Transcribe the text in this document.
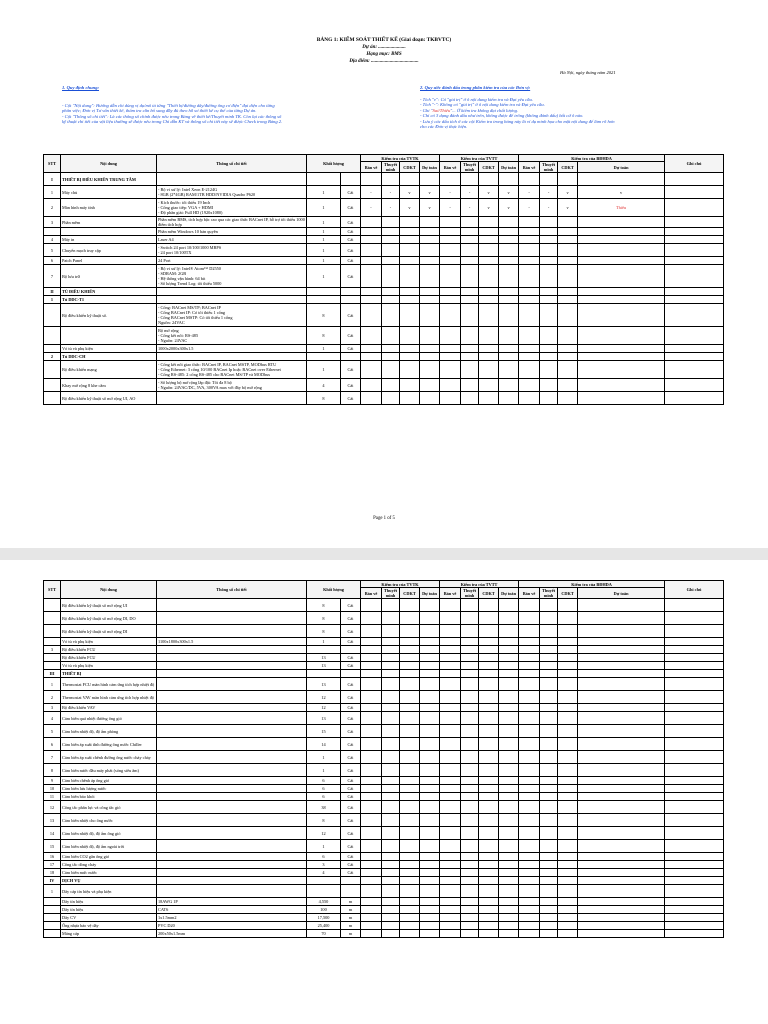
BẢNG 1: KIỂM SOÁT THIẾT KẾ (Giai đoạn: TKBVTC)
Dự án: ......................
Hạng mục: BMS
Địa điểm: ......................................
Hà Nội, ngày tháng năm 2021
1. Quy định chung:
- Cột "Nội dung": Hướng dẫn chi dùng vị dụ/mô tả từng "Thiết bị/đường dây/đường ống cơ điện" đại diện cho từng
phân việc; Đơn vị Tư vấn thiết kế, thẩm tra cần bổ sung đầy đủ theo hồ sơ thiết kế cụ thể của từng Dự án.
- Cột "Thông số chi tiết": Là các thông số chính được nêu trong Bảng vẽ thiết kế/Thuyết minh TK. Còn lại các thông số
kỹ thuật chi tiết của vật liệu thường sẽ được nêu trong Chỉ dẫn KT và thông số chi tiết này sẽ được Check trong Bảng 2.
2. Quy ước đánh dấu trong phần kiểm tra của các Đơn vị:
- Tích "v": Có "giá trị" ở ô nội dung kiểm tra và Đạt yêu cầu.
- Tích "-": Không có "giá trị" ở ô nội dung kiểm tra và Đạt yêu cầu.
- Ghi "Sai/Thiếu"... Ở kiểm tra không đạt chất lượng.
- Chỉ có 3 dạng đánh dấu như trên, không được để trống (không đánh dấu) bất cứ ô nào.
- Lưu ý các dấu tích ở các cột Kiểm tra trong bảng này là ví dụ minh họa cho mặt nội dung để làm rõ hơn
cho các Đơn vị thực hiện.
STT	Nội dung	Thông số chi tiết	Khối lượng		Kiểm tra của TVTK				Kiểm tra của TVTT				Kiểm tra của BĐHDA				Ghi chú
					Bản vẽ	Thuyết minh	CDKT	Dự toán	Bản vẽ	Thuyết minh	CDKT	Dự toán	Bản vẽ	Thuyết minh	CDKT	Dự toán	
I	THIẾT BỊ ĐIỀU KHIỂN TRUNG TÂM																
1	Máy chủ	- Bộ vi xử lý: Intel Xeon E-2124G
- 8GB (2*4GB) RAM/1TB HDD/NVIDIA Quadro P620	1	Cái	-	-	v	v	-	-	v	v	-	-	v	v	
2	Màn hình máy tính	- Kích thước: tối thiểu 19 Inch
- Cổng giao tiếp: VGA + HDMI
- Độ phân giải: Full HD (1920x1080)	1	Cái	-	-	v	v	-	-	v	v	-	-	v	Thiếu	
3	Phần mềm	Phần mềm BMS, tích hợp bậc cao qua các giao thức BACnet IP, hỗ trợ tối thiểu 1000 điểm tích hợp	1	Cái													
		Phần mềm Windows 10 bản quyền	1	Cái													
4	Máy in	Laser A4	1	Cái													
5	Chuyển mạch truy cập	- Switch 24 port 10/100/1000 MBPS
- 24 port 10/100TX	1	Cái													
6	Patch Panel	24 Port	1	Cái													
7	Bộ lưu trữ	- Bộ vi xử lý: Intel® Atom™ D2550
- SDRAM: 2GB
- Hệ thống vận hành: 64 bit
- Số lượng Trend Log: tối thiểu 5000	1	Cái													
II	TỦ ĐIỀU KHIỂN																
1	Tủ DDC-T1																
	Bộ điều khiển kỹ thuật số.	- Cổng: BACnet MS/TP; BACnet IP
- Cổng BACnet IP: Có tối thiểu 1 cổng
- Cổng BACnet MSTP: Có tối thiểu 1 cổng
Nguồn: 24VAC	8	Cái													
		Bộ mở rộng
- Cổng kết nối: RS-485
- Nguồn: 24VAC	8	Cái													
	Vỏ tủ và phụ kiện	1000x2000x300x1.5	1	Cái													
2	Tủ DDC-CH																
	Bộ điều khiển mạng	- Cổng kết nối giao thức: BACnet IP, BACnet MSTP, MODbus RTU
- Cổng Ethernet: 3 cổng 10/100 BACnet Ip hoặc BACnet over Ethernet
- Cổng RS-485: 2 cổng RS-485 cho BACnet MS/TP và MODbus	1	Cái													
	Khay mở rộng 8 khe cắm	- Số lượng bộ mở rộng lắp đặt: Tối đa 8 bộ
- Nguồn: 24VAC/DC, 5VA, 300VA max với đầy bộ mở rộng	4	Cái													
	Bộ điều khiển kỹ thuật số mở rộng UI, AO		8	Cái													
Page 1 of 5
STT	Nội dung	Thông số chi tiết	Khối lượng		Kiểm tra của TVTK				Kiểm tra của TVTT				Kiểm tra của BĐHDA				Ghi chú
					Bản vẽ	Thuyết minh	CDKT	Dự toán	Bản vẽ	Thuyết minh	CDKT	Dự toán	Bản vẽ	Thuyết minh	CDKT	Dự toán	
	Bộ điều khiển kỹ thuật số mở rộng UI		8	Cái													
	Bộ điều khiển kỹ thuật số mở rộng DI, DO		8	Cái													
	Bộ điều khiển kỹ thuật số mở rộng DI		8	Cái													
	Vỏ tủ và phụ kiện	1100x1800x300x1.5	1	Cái													
3	Bộ điều khiển FCU																
	Bộ điều khiển FCU		13	Cái													
	Vỏ tủ và phụ kiện		13	Cái													
III	THIẾT BỊ																
1	Thermostat FCU màn hình cảm ứng tích hợp nhiệt độ		13	Cái													
2	Thermostat VAV màn hình cảm ứng tích hợp nhiệt độ		12	Cái													
3	Bộ điều khiển VAV		12	Cái													
4	Cảm biến quá nhiệt đường ống gió		13	Cái													
5	Cảm biến nhiệt độ, độ ẩm phòng		15	Cái													
6	Cảm biến áp suất tĩnh đường ống nước Chiller		14	Cái													
7	Cảm biến áp suất chênh đường ống nước chảy chảy		1	Cái													
8	Cảm biến nước đầu máy phát (sóng siêu âm)		1	Cái													
9	Cảm biến chênh áp ống gió		6	Cái													
10	Cảm biến lưu lượng nước		6	Cái													
11	Cảm biến báo khói		6	Cái													
12	Công tắc phân lực và công tắc gió		38	Cái													
13	Cảm biến nhiệt cho ống nước		8	Cái													
14	Cảm biến nhiệt độ, độ ẩm ống gió		12	Cái													
15	Cảm biến nhiệt độ, độ ẩm ngoài trời		1	Cái													
16	Cảm biến CO2 gắn ống gió		6	Cái													
17	Công tắc dòng chảy		3	Cái													
18	Cảm biến mức nước		4	Cái													
IV	DỊCH VỤ																
1	Dây cáp tín hiệu và phụ kiện																
	Dây tín hiệu	18AWG 1P	4,550	m													
	Dây tín hiệu	CAT6	100	m													
	Dây CV	1x1.5mm2	17,500	m													
	Ống nhựa bảo vệ dây	PVC D20	25,400	m													
	Máng cáp	200x50x1.5mm	70	m													
